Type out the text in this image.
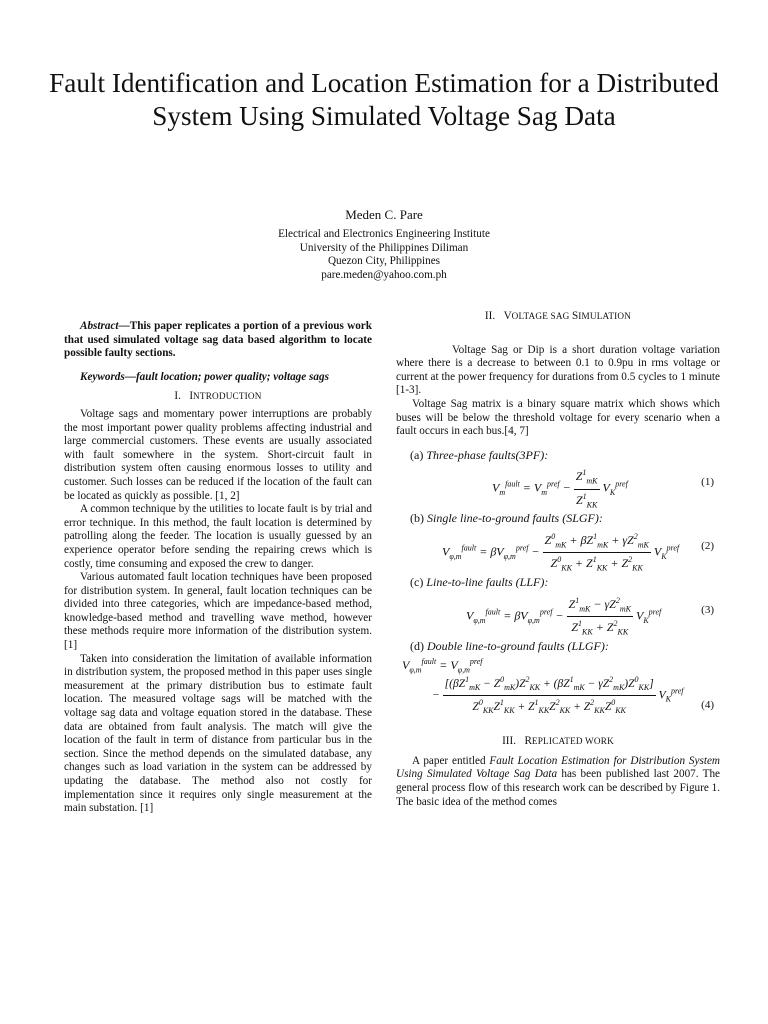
Fault Identification and Location Estimation for a Distributed System Using Simulated Voltage Sag Data
Meden C. Pare
Electrical and Electronics Engineering Institute
University of the Philippines Diliman
Quezon City, Philippines
pare.meden@yahoo.com.ph

Abstract—This paper replicates a portion of a previous work that used simulated voltage sag data based algorithm to locate possible faulty sections.

Keywords—fault location; power quality; voltage sags

I. INTRODUCTION

Voltage sags and momentary power interruptions are probably the most important power quality problems affecting industrial and large commercial customers. These events are usually associated with fault somewhere in the system. Short-circuit fault in distribution system often causing enormous losses to utility and customer. Such losses can be reduced if the location of the fault can be located as quickly as possible. [1, 2]

A common technique by the utilities to locate fault is by trial and error technique. In this method, the fault location is determined by patrolling along the feeder. The location is usually guessed by an experience operator before sending the repairing crews which is costly, time consuming and exposed the crew to danger.

Various automated fault location techniques have been proposed for distribution system. In general, fault location techniques can be divided into three categories, which are impedance-based method, knowledge-based method and travelling wave method, however these methods require more information of the distribution system. [1]

Taken into consideration the limitation of available information in distribution system, the proposed method in this paper uses single measurement at the primary distribution bus to estimate fault location. The measured voltage sags will be matched with the voltage sag data and voltage equation stored in the database. These data are obtained from fault analysis. The match will give the location of the fault in term of distance from particular bus in the section. Since the method depends on the simulated database, any changes such as load variation in the system can be addressed by updating the database. The method also not costly for implementation since it requires only single measurement at the main substation. [1]

II. VOLTAGE SAG SIMULATION

Voltage Sag or Dip is a short duration voltage variation where there is a decrease to between 0.1 to 0.9pu in rms voltage or current at the power frequency for durations from 0.5 cycles to 1 minute [1-3].

Voltage Sag matrix is a binary square matrix which shows which buses will be below the threshold voltage for every scenario when a fault occurs in each bus.[4, 7]

(a) Three-phase faults(3PF):
$V_m^{fault} = V_m^{pref} - \frac{Z^1_{mK}}{Z^1_{KK}} V_K^{pref}$	(1)
(b) Single line-to-ground faults (SLGF):
$V_{\varphi,m}^{fault} = \beta V_{\varphi,m}^{pref} - \frac{Z^0_{mK} + \beta Z^1_{mK} + \gamma Z^2_{mK}}{Z^0_{KK} + Z^1_{KK} + Z^2_{KK}} V_K^{pref}$ (2)
(c) Line-to-line faults (LLF):
$V_{\varphi,m}^{fault} = \beta V_{\varphi,m}^{pref} - \frac{Z^1_{mK} - \gamma Z^2_{mK}}{Z^1_{KK} + Z^2_{KK}} V_K^{pref}$	(3)
(d) Double line-to-ground faults (LLGF):
$V_{\varphi,m}^{fault} = V_{\varphi,m}^{pref}$
− $\frac{[(\beta Z^1_{mK} - Z^0_{mK})Z^2_{KK} + (\beta Z^1_{mK} - \gamma Z^2_{mK})Z^0_{KK}]}{Z^0_{KK}Z^1_{KK} + Z^1_{KK}Z^2_{KK} + Z^2_{KK}Z^0_{KK}} V_K^{pref}$
(4)
III. REPLICATED WORK

A paper entitled Fault Location Estimation for Distribution System Using Simulated Voltage Sag Data has been published last 2007. The general process flow of this research work can be described by Figure 1. The basic idea of the method comes
